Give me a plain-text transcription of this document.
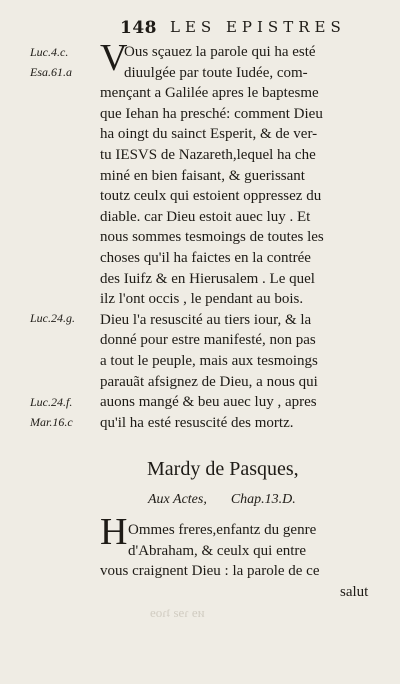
148 LES EPISTRES
Luc.4.c.
Esa.61.a
Luc.24.g.
Luc.24.f.
Mar.16.c
V
Ous sçauez la parole qui ha esté
diuulgée par toute Iudée, com-
mençant a Galilée apres le baptesme
que Iehan ha presché: comment Dieu
ha oingt du sainct Esperit, & de ver-
tu IESVS de Nazareth,lequel ha che
miné en bien faisant, & guerissant
toutz ceulx qui estoient oppressez du
diable. car Dieu estoit auec luy . Et
nous sommes tesmoings de toutes les
choses qu'il ha faictes en la contrée
des Iuifz & en Hierusalem . Le quel
ilz l'ont occis , le pendant au bois.
Dieu l'a resuscité au tiers iour, & la
donné pour estre manifesté, non pas
a tout le peuple, mais aux tesmoings
parauãt afsignez de Dieu, a nous qui
auons mangé & beu auec luy , apres
qu'il ha esté resuscité des mortz.
Mardy de Pasques,
Aux Actes, Chap.13.D.
H Ommes freres,enfantz du genre
d'Abraham, & ceulx qui entre
vous craignent Dieu : la parole de ce
salut
ᴎɘ ɿɘƨ ʇɿoɘ
